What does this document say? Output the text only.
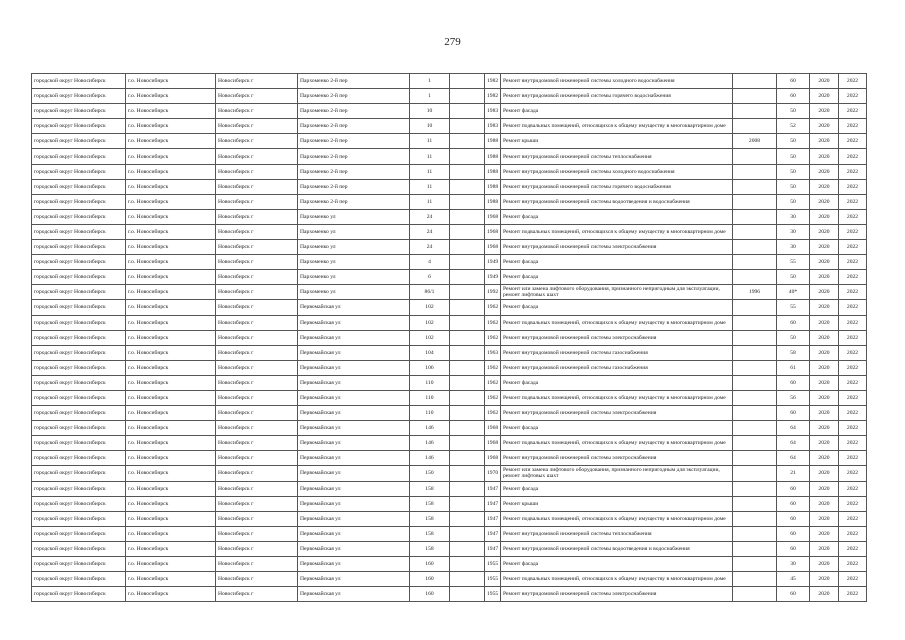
279
городской округ Новосибирск	г.о. Новосибирск	Новосибирск г	Пархоменко 2-й пер	1		1982	Ремонт внутридомовой инженерной системы холодного водоснабжения		60	2020	2022
городской округ Новосибирск	г.о. Новосибирск	Новосибирск г	Пархоменко 2-й пер	1		1982	Ремонт внутридомовой инженерной системы горячего водоснабжения		60	2020	2022
городской округ Новосибирск	г.о. Новосибирск	Новосибирск г	Пархоменко 2-й пер	10		1983	Ремонт фасада		50	2020	2022
городской округ Новосибирск	г.о. Новосибирск	Новосибирск г	Пархоменко 2-й пер	10		1983	Ремонт подвальных помещений, относящихся к общему имуществу в многоквартирном доме		52	2020	2022
городской округ Новосибирск	г.о. Новосибирск	Новосибирск г	Пархоменко 2-й пер	11		1988	Ремонт крыши	2008	50	2020	2022
городской округ Новосибирск	г.о. Новосибирск	Новосибирск г	Пархоменко 2-й пер	11		1988	Ремонт внутридомовой инженерной системы теплоснабжения		50	2020	2022
городской округ Новосибирск	г.о. Новосибирск	Новосибирск г	Пархоменко 2-й пер	11		1988	Ремонт внутридомовой инженерной системы холодного водоснабжения		50	2020	2022
городской округ Новосибирск	г.о. Новосибирск	Новосибирск г	Пархоменко 2-й пер	11		1988	Ремонт внутридомовой инженерной системы горячего водоснабжения		50	2020	2022
городской округ Новосибирск	г.о. Новосибирск	Новосибирск г	Пархоменко 2-й пер	11		1988	Ремонт внутридомовой инженерной системы водоотведения и водоснабжения		50	2020	2022
городской округ Новосибирск	г.о. Новосибирск	Новосибирск г	Пархоменко ул	24		1968	Ремонт фасада		30	2020	2022
городской округ Новосибирск	г.о. Новосибирск	Новосибирск г	Пархоменко ул	24		1968	Ремонт подвальных помещений, относящихся к общему имуществу в многоквартирном доме		30	2020	2022
городской округ Новосибирск	г.о. Новосибирск	Новосибирск г	Пархоменко ул	24		1968	Ремонт внутридомовой инженерной системы электроснабжения		30	2020	2022
городской округ Новосибирск	г.о. Новосибирск	Новосибирск г	Пархоменко ул	4		1949	Ремонт фасада		55	2020	2022
городской округ Новосибирск	г.о. Новосибирск	Новосибирск г	Пархоменко ул	6		1949	Ремонт фасада		50	2020	2022
городской округ Новосибирск	г.о. Новосибирск	Новосибирск г	Пархоменко ул	86/1		1992	Ремонт или замена лифтового оборудования, признанного непригодным для эксплуатации, ремонт лифтовых шахт	1996	40*	2020	2022
городской округ Новосибирск	г.о. Новосибирск	Новосибирск г	Первомайская ул	102		1962	Ремонт фасада		55	2020	2022
городской округ Новосибирск	г.о. Новосибирск	Новосибирск г	Первомайская ул	102		1962	Ремонт подвальных помещений, относящихся к общему имуществу в многоквартирном доме		60	2020	2022
городской округ Новосибирск	г.о. Новосибирск	Новосибирск г	Первомайская ул	102		1962	Ремонт внутридомовой инженерной системы электроснабжения		50	2020	2022
городской округ Новосибирск	г.о. Новосибирск	Новосибирск г	Первомайская ул	104		1963	Ремонт внутридомовой инженерной системы газоснабжения		58	2020	2022
городской округ Новосибирск	г.о. Новосибирск	Новосибирск г	Первомайская ул	106		1962	Ремонт внутридомовой инженерной системы газоснабжения		61	2020	2022
городской округ Новосибирск	г.о. Новосибирск	Новосибирск г	Первомайская ул	110		1962	Ремонт фасада		60	2020	2022
городской округ Новосибирск	г.о. Новосибирск	Новосибирск г	Первомайская ул	110		1962	Ремонт подвальных помещений, относящихся к общему имуществу в многоквартирном доме		56	2020	2022
городской округ Новосибирск	г.о. Новосибирск	Новосибирск г	Первомайская ул	110		1962	Ремонт внутридомовой инженерной системы электроснабжения		60	2020	2022
городской округ Новосибирск	г.о. Новосибирск	Новосибирск г	Первомайская ул	146		1968	Ремонт фасада		64	2020	2022
городской округ Новосибирск	г.о. Новосибирск	Новосибирск г	Первомайская ул	146		1968	Ремонт подвальных помещений, относящихся к общему имуществу в многоквартирном доме		64	2020	2022
городской округ Новосибирск	г.о. Новосибирск	Новосибирск г	Первомайская ул	146		1968	Ремонт внутридомовой инженерной системы электроснабжения		64	2020	2022
городской округ Новосибирск	г.о. Новосибирск	Новосибирск г	Первомайская ул	150		1970	Ремонт или замена лифтового оборудования, признанного непригодным для эксплуатации, ремонт лифтовых шахт		21	2020	2022
городской округ Новосибирск	г.о. Новосибирск	Новосибирск г	Первомайская ул	158		1947	Ремонт фасада		60	2020	2022
городской округ Новосибирск	г.о. Новосибирск	Новосибирск г	Первомайская ул	158		1947	Ремонт крыши		60	2020	2022
городской округ Новосибирск	г.о. Новосибирск	Новосибирск г	Первомайская ул	158		1947	Ремонт подвальных помещений, относящихся к общему имуществу в многоквартирном доме		60	2020	2022
городской округ Новосибирск	г.о. Новосибирск	Новосибирск г	Первомайская ул	158		1947	Ремонт внутридомовой инженерной системы теплоснабжения		60	2020	2022
городской округ Новосибирск	г.о. Новосибирск	Новосибирск г	Первомайская ул	158		1947	Ремонт внутридомовой инженерной системы водоотведения и водоснабжения		60	2020	2022
городской округ Новосибирск	г.о. Новосибирск	Новосибирск г	Первомайская ул	160		1955	Ремонт фасада		30	2020	2022
городской округ Новосибирск	г.о. Новосибирск	Новосибирск г	Первомайская ул	160		1955	Ремонт подвальных помещений, относящихся к общему имуществу в многоквартирном доме		45	2020	2022
городской округ Новосибирск	г.о. Новосибирск	Новосибирск г	Первомайская ул	160		1955	Ремонт внутридомовой инженерной системы электроснабжения		60	2020	2022
